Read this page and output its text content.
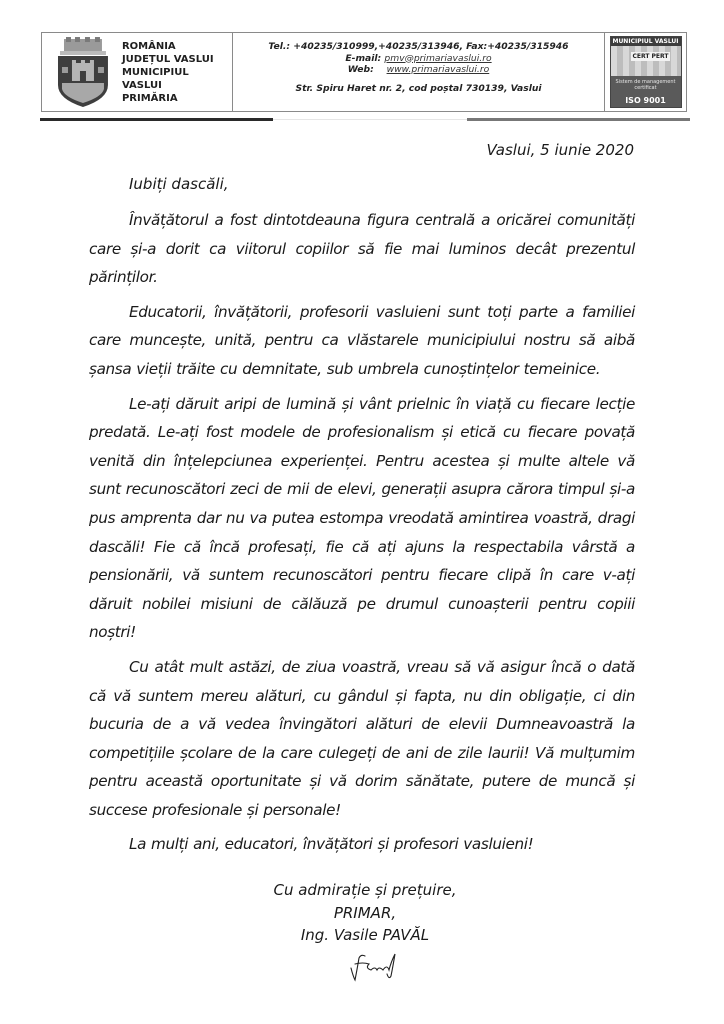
ROMÂNIA
JUDEȚUL VASLUI
MUNICIPIUL VASLUI
PRIMĂRIA
Tel.: +40235/310999,+40235/313946, Fax:+40235/315946
E-mail: pmv@primariavaslui.ro
Web: www.primariavaslui.ro
Str. Spiru Haret nr. 2, cod poștal 730139, Vaslui
MUNICIPIUL VASLUI
CERT PERT
Sistem de management certificat
ISO 9001
Vaslui, 5 iunie 2020
Iubiți dascăli,

Învățătorul a fost dintotdeauna figura centrală a oricărei comunități care și-a dorit ca viitorul copiilor să fie mai luminos decât prezentul părinților.

Educatorii, învățătorii, profesorii vasluieni sunt toți parte a familiei care muncește, unită, pentru ca vlăstarele municipiului nostru să aibă șansa vieții trăite cu demnitate, sub umbrela cunoștințelor temeinice.

Le-ați dăruit aripi de lumină și vânt prielnic în viață cu fiecare lecție predată. Le-ați fost modele de profesionalism și etică cu fiecare povață venită din înțelepciunea experienței. Pentru acestea și multe altele vă sunt recunoscători zeci de mii de elevi, generații asupra cărora timpul și-a pus amprenta dar nu va putea estompa vreodată amintirea voastră, dragi dascăli! Fie că încă profesați, fie că ați ajuns la respectabila vârstă a pensionării, vă suntem recunoscători pentru fiecare clipă în care v-ați dăruit nobilei misiuni de călăuză pe drumul cunoașterii pentru copiii noștri!

Cu atât mult astăzi, de ziua voastră, vreau să vă asigur încă o dată că vă suntem mereu alături, cu gândul și fapta, nu din obligație, ci din bucuria de a vă vedea învingători alături de elevii Dumneavoastră la competițiile școlare de la care culegeți de ani de zile laurii! Vă mulțumim pentru această oportunitate și vă dorim sănătate, putere de muncă și succese profesionale și personale!

La mulți ani, educatori, învățători și profesori vasluieni!

Cu admirație și prețuire,
PRIMAR,
Ing. Vasile PAVĂL
